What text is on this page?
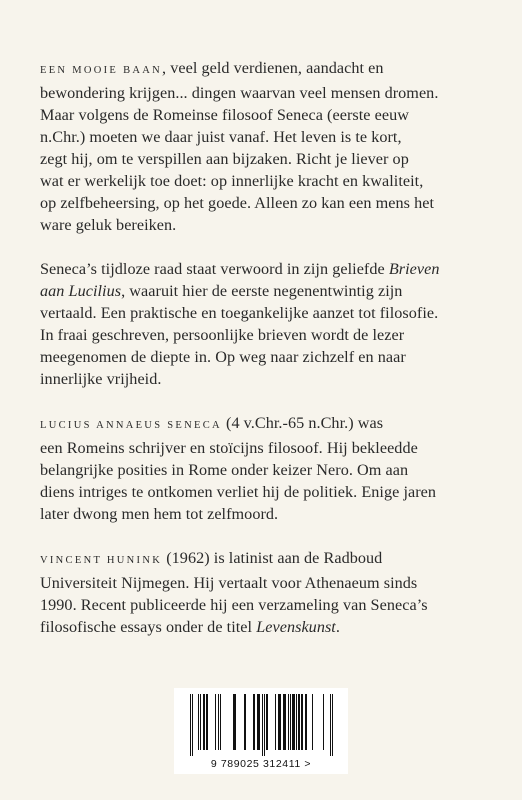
EEN MOOIE BAAN, veel geld verdienen, aandacht en
bewondering krijgen... dingen waarvan veel mensen dromen.
Maar volgens de Romeinse filosoof Seneca (eerste eeuw
n.Chr.) moeten we daar juist vanaf. Het leven is te kort,
zegt hij, om te verspillen aan bijzaken. Richt je liever op
wat er werkelijk toe doet: op innerlijke kracht en kwaliteit,
op zelfbeheersing, op het goede. Alleen zo kan een mens het
ware geluk bereiken.

Seneca’s tijdloze raad staat verwoord in zijn geliefde Brieven
aan Lucilius, waaruit hier de eerste negenentwintig zijn
vertaald. Een praktische en toegankelijke aanzet tot filosofie.
In fraai geschreven, persoonlijke brieven wordt de lezer
meegenomen de diepte in. Op weg naar zichzelf en naar
innerlijke vrijheid.

LUCIUS ANNAEUS SENECA (4 v.Chr.-65 n.Chr.) was
een Romeins schrijver en stoïcijns filosoof. Hij bekleedde
belangrijke posities in Rome onder keizer Nero. Om aan
diens intriges te ontkomen verliet hij de politiek. Enige jaren
later dwong men hem tot zelfmoord.

VINCENT HUNINK (1962) is latinist aan de Radboud
Universiteit Nijmegen. Hij vertaalt voor Athenaeum sinds
1990. Recent publiceerde hij een verzameling van Seneca’s
filosofische essays onder de titel Levenskunst.

9 789025 312411 >
